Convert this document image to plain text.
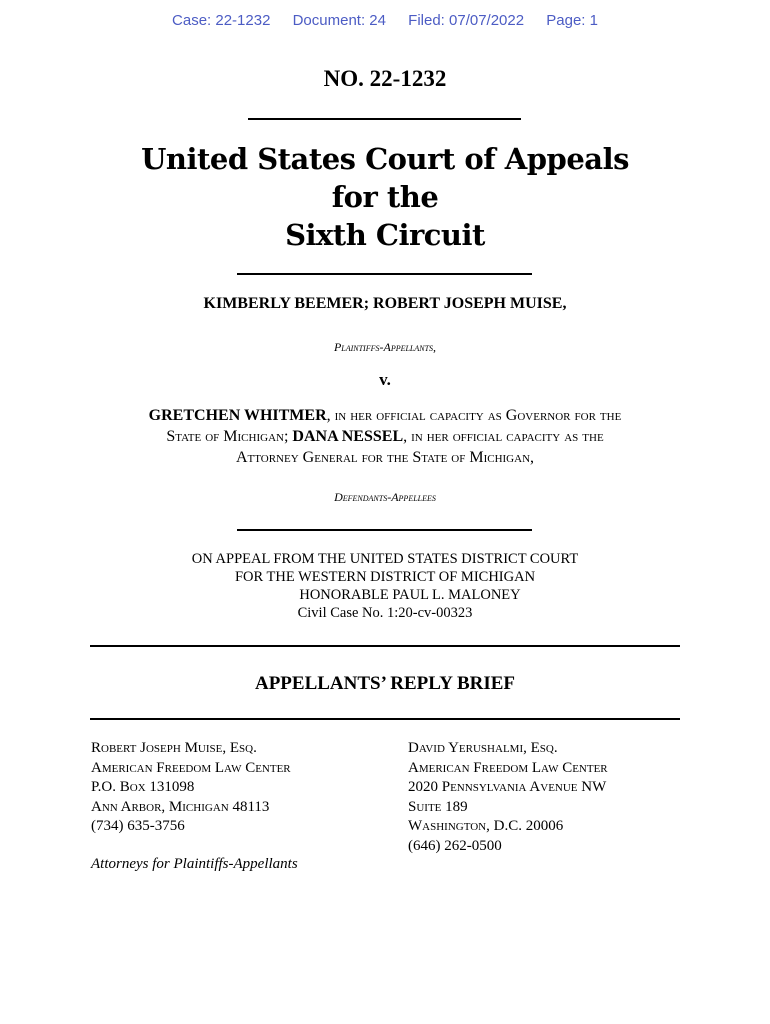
Case: 22-1232 Document: 24 Filed: 07/07/2022 Page: 1
NO. 22-1232
United States Court of Appeals
for the
Sixth Circuit
KIMBERLY BEEMER; ROBERT JOSEPH MUISE,
Plaintiffs-Appellants,
v.
GRETCHEN WHITMER, in her official capacity as Governor for the
State of Michigan; DANA NESSEL, in her official capacity as the
Attorney General for the State of Michigan,
Defendants-Appellees
ON APPEAL FROM THE UNITED STATES DISTRICT COURT
FOR THE WESTERN DISTRICT OF MICHIGAN
HONORABLE PAUL L. MALONEY
Civil Case No. 1:20-cv-00323
APPELLANTS’ REPLY BRIEF
Robert Joseph Muise, Esq.
American Freedom Law Center
P.O. Box 131098
Ann Arbor, Michigan 48113
(734) 635-3756
Attorneys for Plaintiffs-Appellants
David Yerushalmi, Esq.
American Freedom Law Center
2020 Pennsylvania Avenue NW
Suite 189
Washington, D.C. 20006
(646) 262-0500
